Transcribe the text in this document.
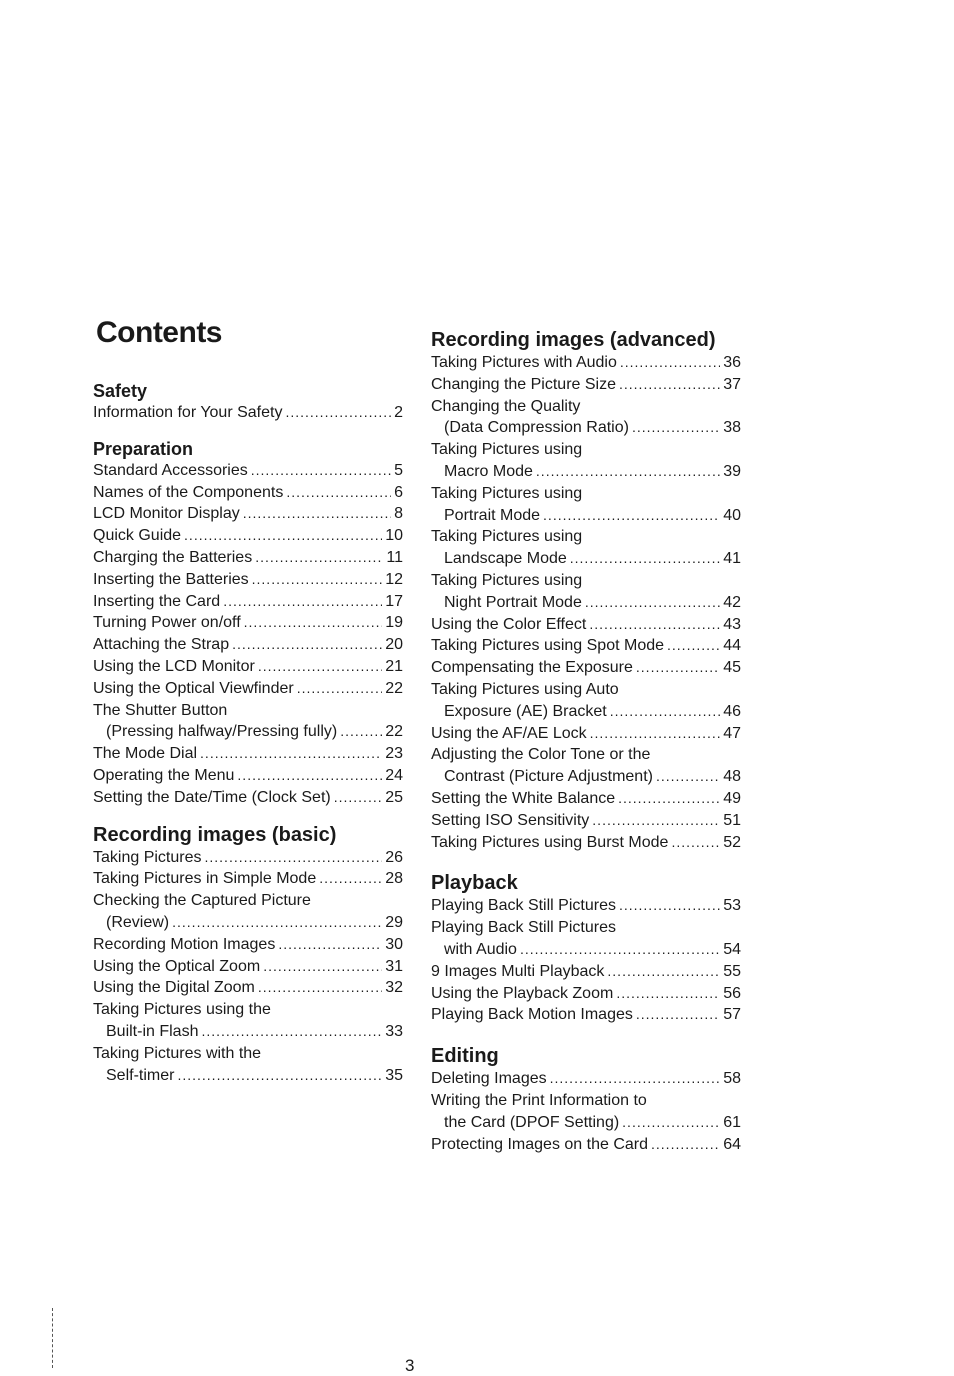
Contents
Safety
Information for Your Safety .....	2
Preparation
Standard Accessories .....	5
Names of the Components .....	6
LCD Monitor Display .....	8
Quick Guide .....	10
Charging the Batteries .....	11
Inserting the Batteries .....	12
Inserting the Card .....	17
Turning Power on/off .....	19
Attaching the Strap .....	20
Using the LCD Monitor .....	21
Using the Optical Viewfinder .....	22
The Shutter Button
(Pressing halfway/Pressing fully) .....	22
The Mode Dial .....	23
Operating the Menu .....	24
Setting the Date/Time (Clock Set) .....	25
Recording images (basic)
Taking Pictures .....	26
Taking Pictures in Simple Mode .....	28
Checking the Captured Picture
(Review) .....	29
Recording Motion Images .....	30
Using the Optical Zoom .....	31
Using the Digital Zoom .....	32
Taking Pictures using the
Built-in Flash .....	33
Taking Pictures with the
Self-timer .....	35
Recording images (advanced)
Taking Pictures with Audio .....	36
Changing the Picture Size .....	37
Changing the Quality
(Data Compression Ratio) .....	38
Taking Pictures using
Macro Mode .....	39
Taking Pictures using
Portrait Mode .....	40
Taking Pictures using
Landscape Mode .....	41
Taking Pictures using
Night Portrait Mode .....	42
Using the Color Effect .....	43
Taking Pictures using Spot Mode .....	44
Compensating the Exposure .....	45
Taking Pictures using Auto
Exposure (AE) Bracket .....	46
Using the AF/AE Lock .....	47
Adjusting the Color Tone or the
Contrast (Picture Adjustment) .....	48
Setting the White Balance .....	49
Setting ISO Sensitivity .....	51
Taking Pictures using Burst Mode .....	52
Playback
Playing Back Still Pictures .....	53
Playing Back Still Pictures
with Audio .....	54
9 Images Multi Playback .....	55
Using the Playback Zoom .....	56
Playing Back Motion Images .....	57
Editing
Deleting Images .....	58
Writing the Print Information to
the Card (DPOF Setting) .....	61
Protecting Images on the Card .....	64
3
